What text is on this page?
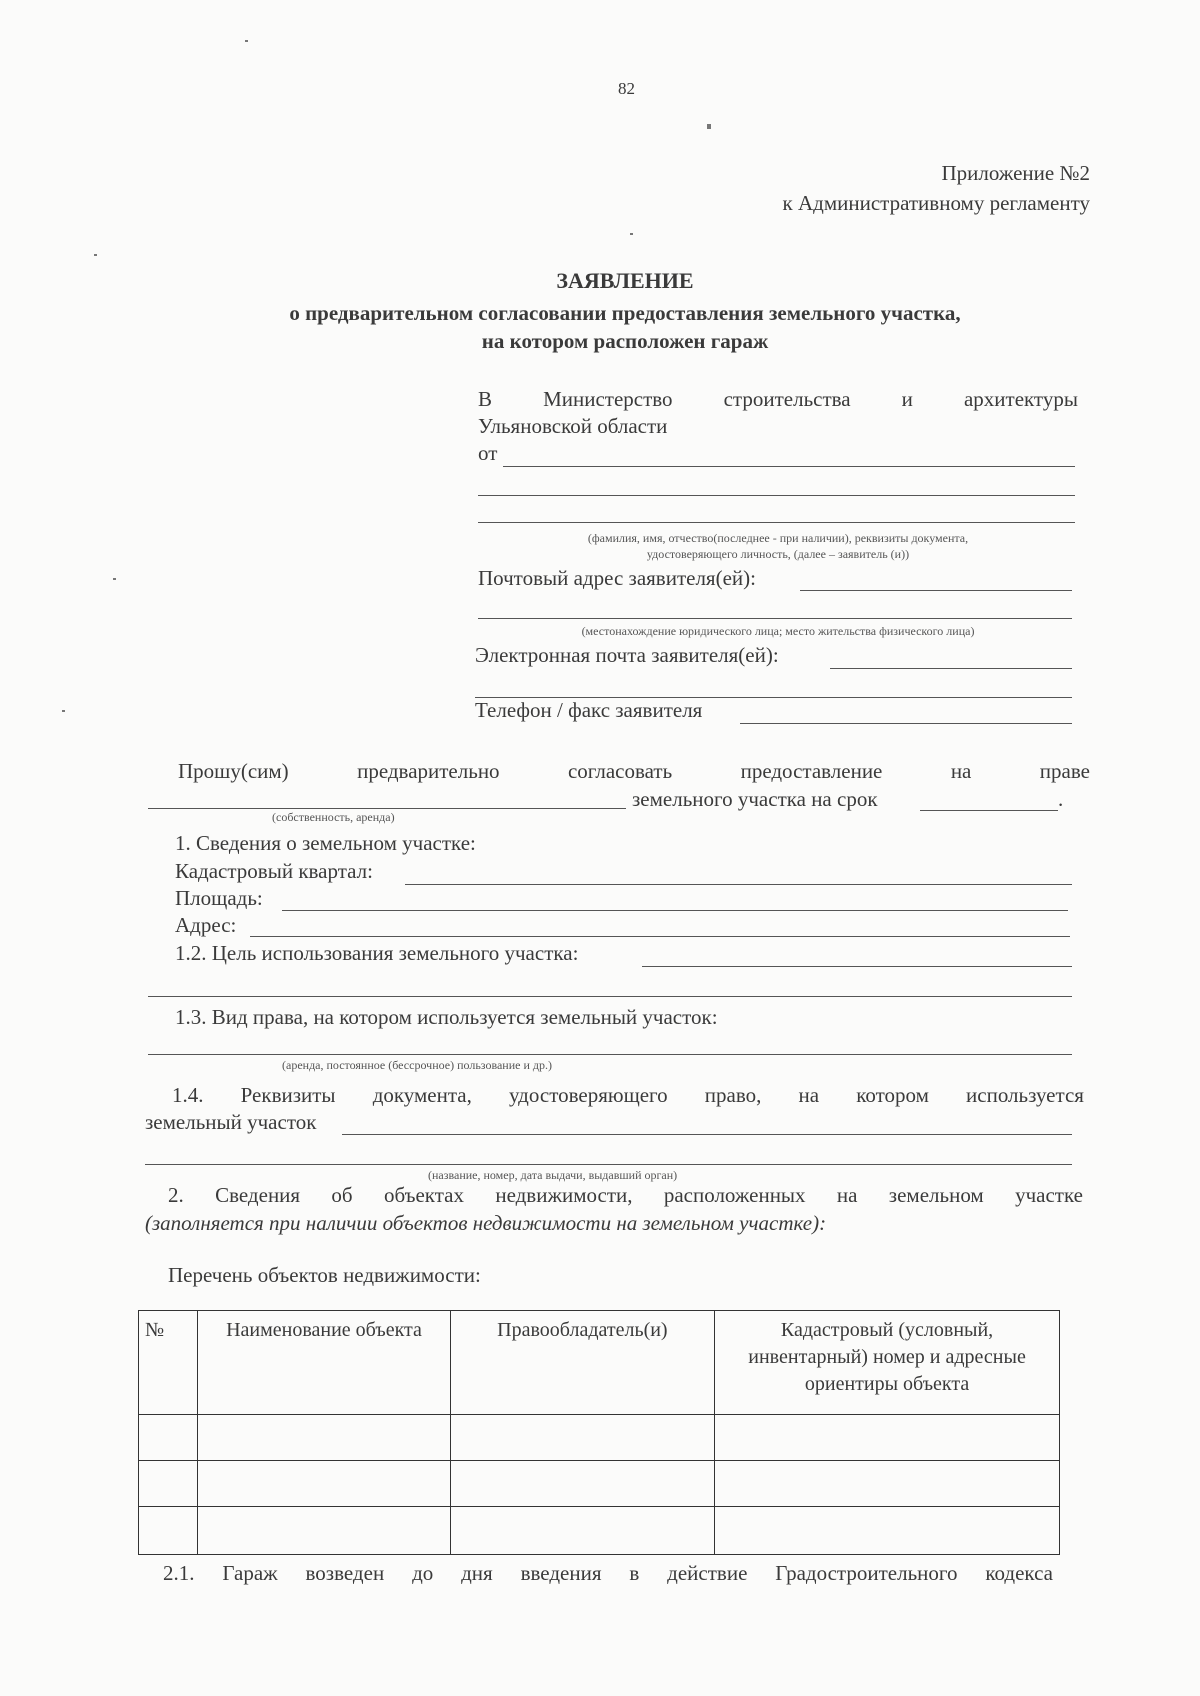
82
Приложение №2
к Административному регламенту
ЗАЯВЛЕНИЕ
о предварительном согласовании предоставления земельного участка,
на котором расположен гараж
В Министерство строительства и архитектуры
Ульяновской области
от
(фамилия, имя, отчество(последнее - при наличии), реквизиты документа,
удостоверяющего личность, (далее – заявитель (и))
Почтовый адрес заявителя(ей):
(местонахождение юридического лица; место жительства физического лица)
Электронная почта заявителя(ей):
Телефон / факс заявителя
Прошу(сим)	предварительно	согласовать	предоставление	на	праве
земельного участка на срок	.
(собственность, аренда)
1. Сведения о земельном участке:
Кадастровый квартал:
Площадь:
Адрес:
1.2. Цель использования земельного участка:
1.3. Вид права, на котором используется земельный участок:
(аренда, постоянное (бессрочное) пользование и др.)
1.4. Реквизиты документа, удостоверяющего право, на котором используется
земельный участок
(название, номер, дата выдачи, выдавший орган)
2. Сведения об объектах недвижимости, расположенных на земельном участке
(заполняется при наличии объектов недвижимости на земельном участке):
Перечень объектов недвижимости:
№	Наименование объекта	Правообладатель(и)	Кадастровый (условный, инвентарный) номер и адресные ориентиры объекта

2.1. Гараж возведен до дня введения в действие Градостроительного кодекса
